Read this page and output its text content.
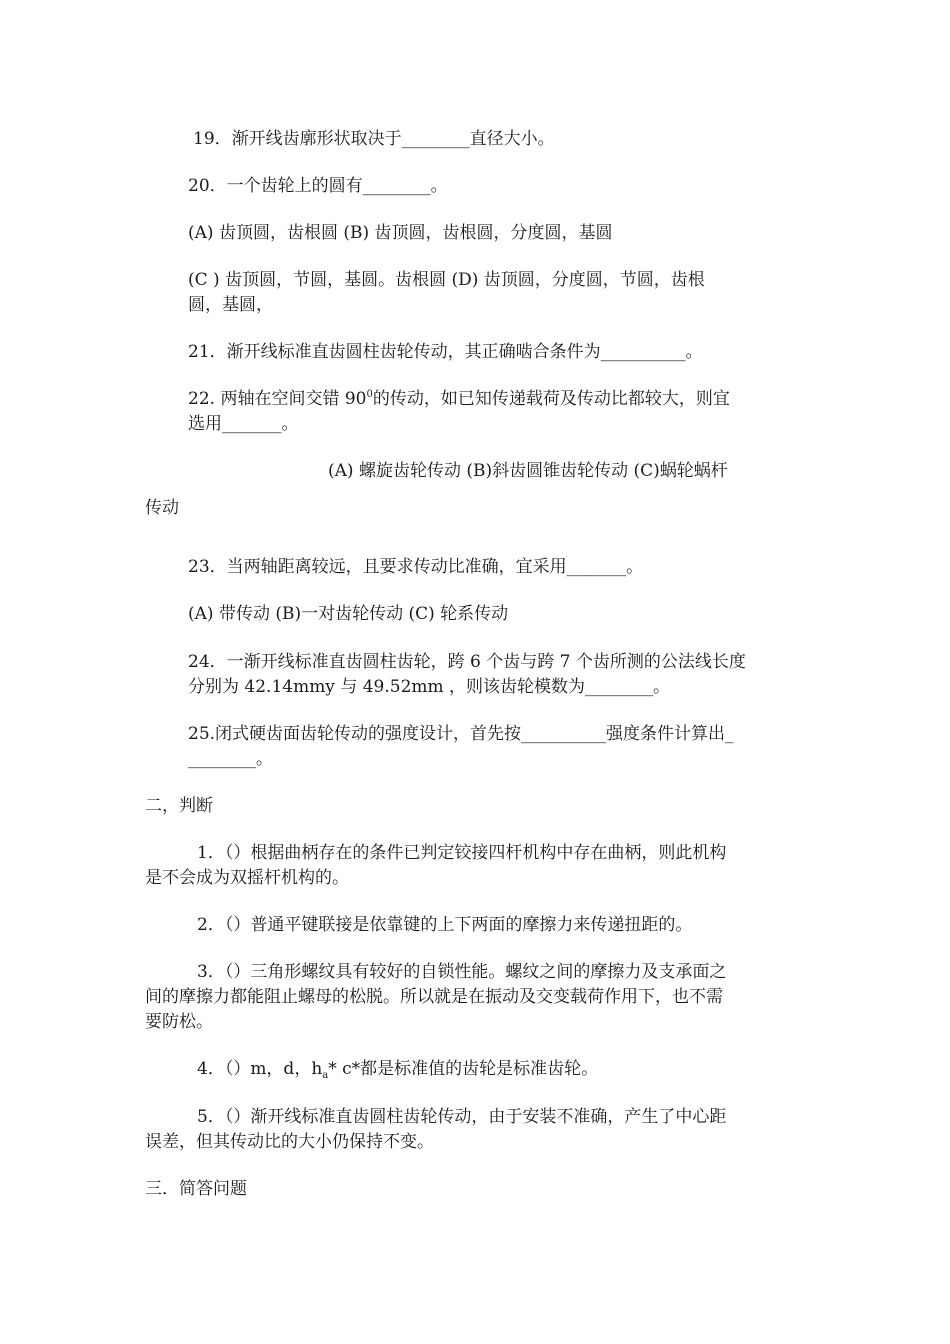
19．渐开线齿廓形状取决于________直径大小。
20．一个齿轮上的圆有________。
(A) 齿顶圆，齿根圆 (B) 齿顶圆，齿根圆，分度圆，基圆
(C ) 齿顶圆，节圆，基圆。齿根圆 (D) 齿顶圆，分度圆，节圆，齿根
圆，基圆，
21．渐开线标准直齿圆柱齿轮传动，其正确啮合条件为__________。
22. 两轴在空间交错 $90^0$的传动，如已知传递载荷及传动比都较大，则宜
选用_______。
(A) 螺旋齿轮传动 (B)斜齿圆锥齿轮传动 (C)蜗轮蜗杆
传动
23．当两轴距离较远，且要求传动比准确，宜采用_______。
(A) 带传动 (B)一对齿轮传动 (C) 轮系传动
24．一渐开线标准直齿圆柱齿轮，跨 6 个齿与跨 7 个齿所测的公法线长度
分别为 42.14mmy 与 49.52mm ，则该齿轮模数为________。
25.闭式硬齿面齿轮传动的强度设计，首先按__________强度条件计算出_
________。
二，判断
1．（）根据曲柄存在的条件已判定铰接四杆机构中存在曲柄，则此机构
是不会成为双摇杆机构的。
2．（）普通平键联接是依靠键的上下两面的摩擦力来传递扭距的。
3．（）三角形螺纹具有较好的自锁性能。螺纹之间的摩擦力及支承面之
间的摩擦力都能阻止螺母的松脱。所以就是在振动及交变载荷作用下，也不需
要防松。
4．（）m，d，$h_a*$ c*都是标准值的齿轮是标准齿轮。
5．（）渐开线标准直齿圆柱齿轮传动，由于安装不准确，产生了中心距
误差，但其传动比的大小仍保持不变。
三．简答问题
